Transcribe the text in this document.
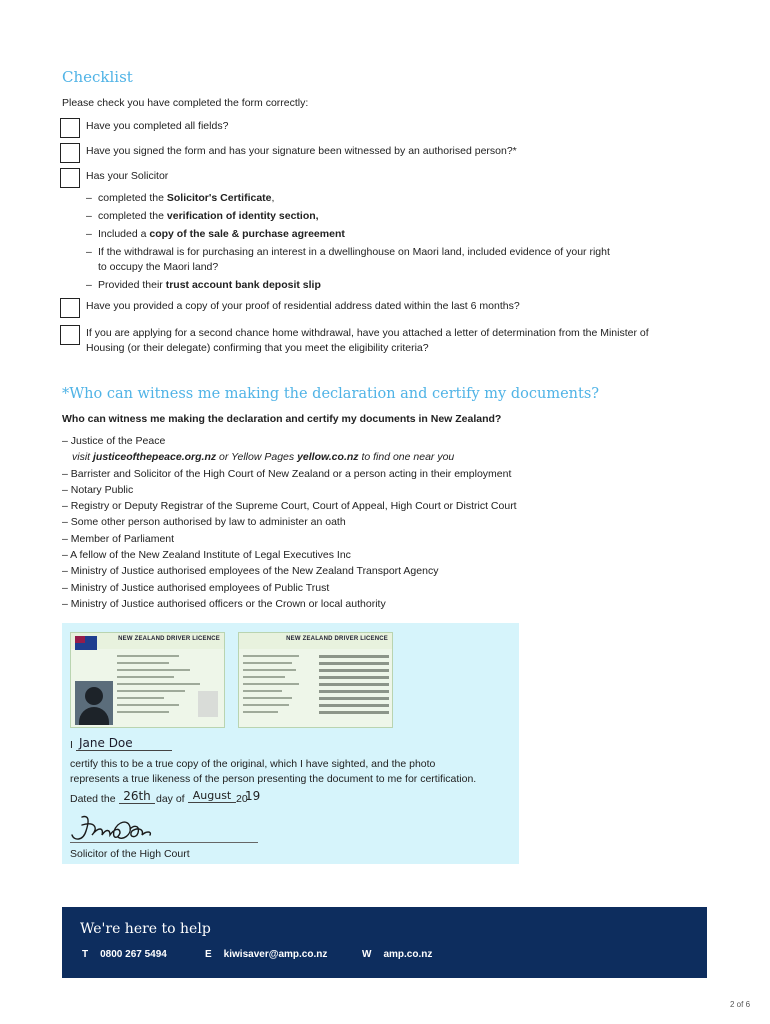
Checklist

Please check you have completed the form correctly:

Have you completed all fields?
Have you signed the form and has your signature been witnessed by an authorised person?*
Has your Solicitor
– completed the Solicitor's Certificate,
– completed the verification of identity section,
– Included a copy of the sale & purchase agreement
– If the withdrawal is for purchasing an interest in a dwellinghouse on Maori land, included evidence of your right
to occupy the Maori land?
– Provided their trust account bank deposit slip
Have you provided a copy of your proof of residential address dated within the last 6 months?
If you are applying for a second chance home withdrawal, have you attached a letter of determination from the Minister of
Housing (or their delegate) confirming that you meet the eligibility criteria?
*Who can witness me making the declaration and certify my documents?

Who can witness me making the declaration and certify my documents in New Zealand?

– Justice of the Peace
visit justiceofthepeace.org.nz or Yellow Pages yellow.co.nz to find one near you
– Barrister and Solicitor of the High Court of New Zealand or a person acting in their employment
– Notary Public
– Registry or Deputy Registrar of the Supreme Court, Court of Appeal, High Court or District Court
– Some other person authorised by law to administer an oath
– Member of Parliament
– A fellow of the New Zealand Institute of Legal Executives Inc
– Ministry of Justice authorised employees of the New Zealand Transport Agency
– Ministry of Justice authorised employees of Public Trust
– Ministry of Justice authorised officers or the Crown or local authority
NEW ZEALAND DRIVER LICENCE	NEW ZEALAND DRIVER LICENCE
I Jane Doe
certify this to be a true copy of the original, which I have sighted, and the photo
represents a true likeness of the person presenting the document to me for certification.
Dated the 26th day of August 20
19
Solicitor of the High Court
We're here to help
T 0800 267 5494	E kiwisaver@amp.co.nz	W amp.co.nz
2 of 6
